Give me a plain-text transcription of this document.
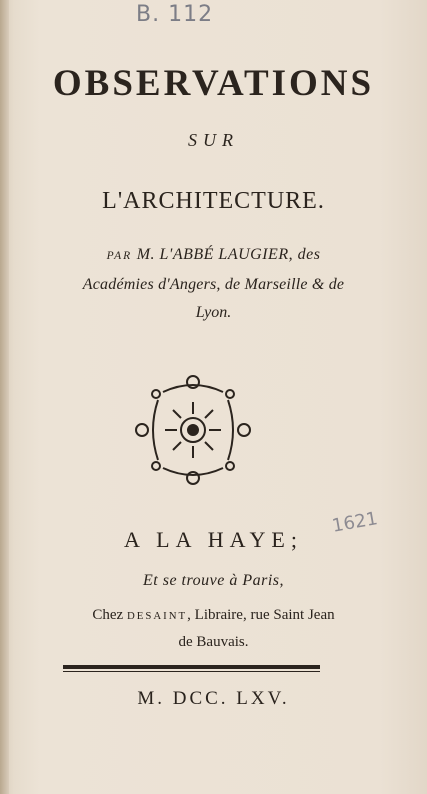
B. 112
1621
OBSERVATIONS
SUR
L'ARCHITECTURE.
PAR M. L'ABBÉ LAUGIER, des
Académies d'Angers, de Marseille & de
Lyon.
A LA HAYE;
Et se trouve à Paris,
Chez DESAINT, Libraire, rue Saint Jean
de Bauvais.
M. DCC. LXV.
